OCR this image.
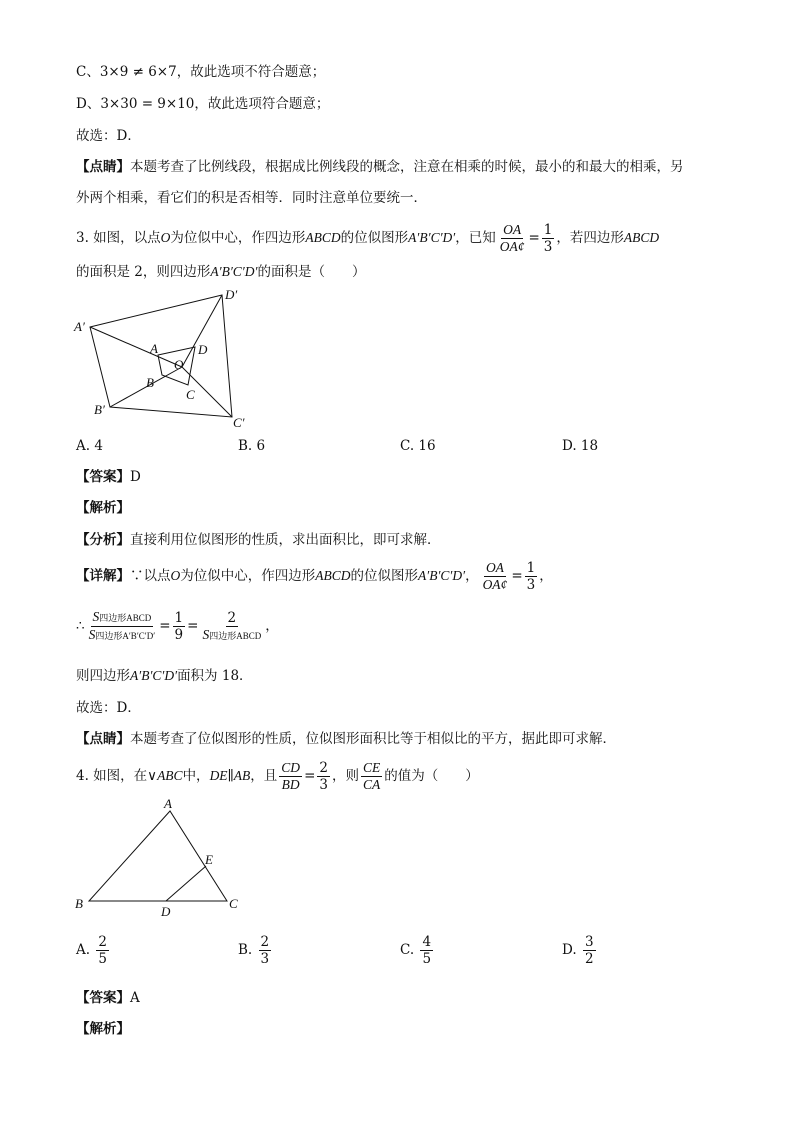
C、3×9 ≠ 6×7，故此选项不符合题意；
D、3×30 = 9×10，故此选项符合题意；
故选：D．
【点睛】本题考查了比例线段，根据成比例线段的概念，注意在相乘的时候，最小的和最大的相乘，另
外两个相乘，看它们的积是否相等．同时注意单位要统一．
3. 如图，以点O为位似中心，作四边形ABCD的位似图形A′B′C′D′，已知 $\frac{OA}{OA¢} = \frac{1}{3}$ ，若四边形ABCD
的面积是 2，则四边形A′B′C′D′的面积是（　　）
A′
D′
C′
B′
A	D
C
B
O
A. 4	B. 6	C. 16	D. 18
【答案】D
【解析】
【分析】直接利用位似图形的性质，求出面积比，即可求解．
【详解】∵以点O为位似中心，作四边形ABCD的位似图形A′B′C′D′， $\frac{OA}{OA¢} = \frac{1}{3}$ ，
∴ $\frac{\text{S四边形ABCD}}{\text{S四边形A′B′C′D′}} = \frac{1}{9} = \frac{2}{\text{S四边形ABCD}}$ ，
则四边形A′B′C′D′面积为 18．
故选：D．
【点睛】本题考查了位似图形的性质，位似图形面积比等于相似比的平方，据此即可求解．
4. 如图，在∨ABC中，DE∥AB，且 $\frac{CD}{BD} = \frac{2}{3}$ ，则 $\frac{CE}{CA}$ 的值为（　　）
A
B	C
D
E
A. $\frac{2}{5}$	B. $\frac{2}{3}$	C. $\frac{4}{5}$	D. $\frac{3}{2}$
【答案】A
【解析】
